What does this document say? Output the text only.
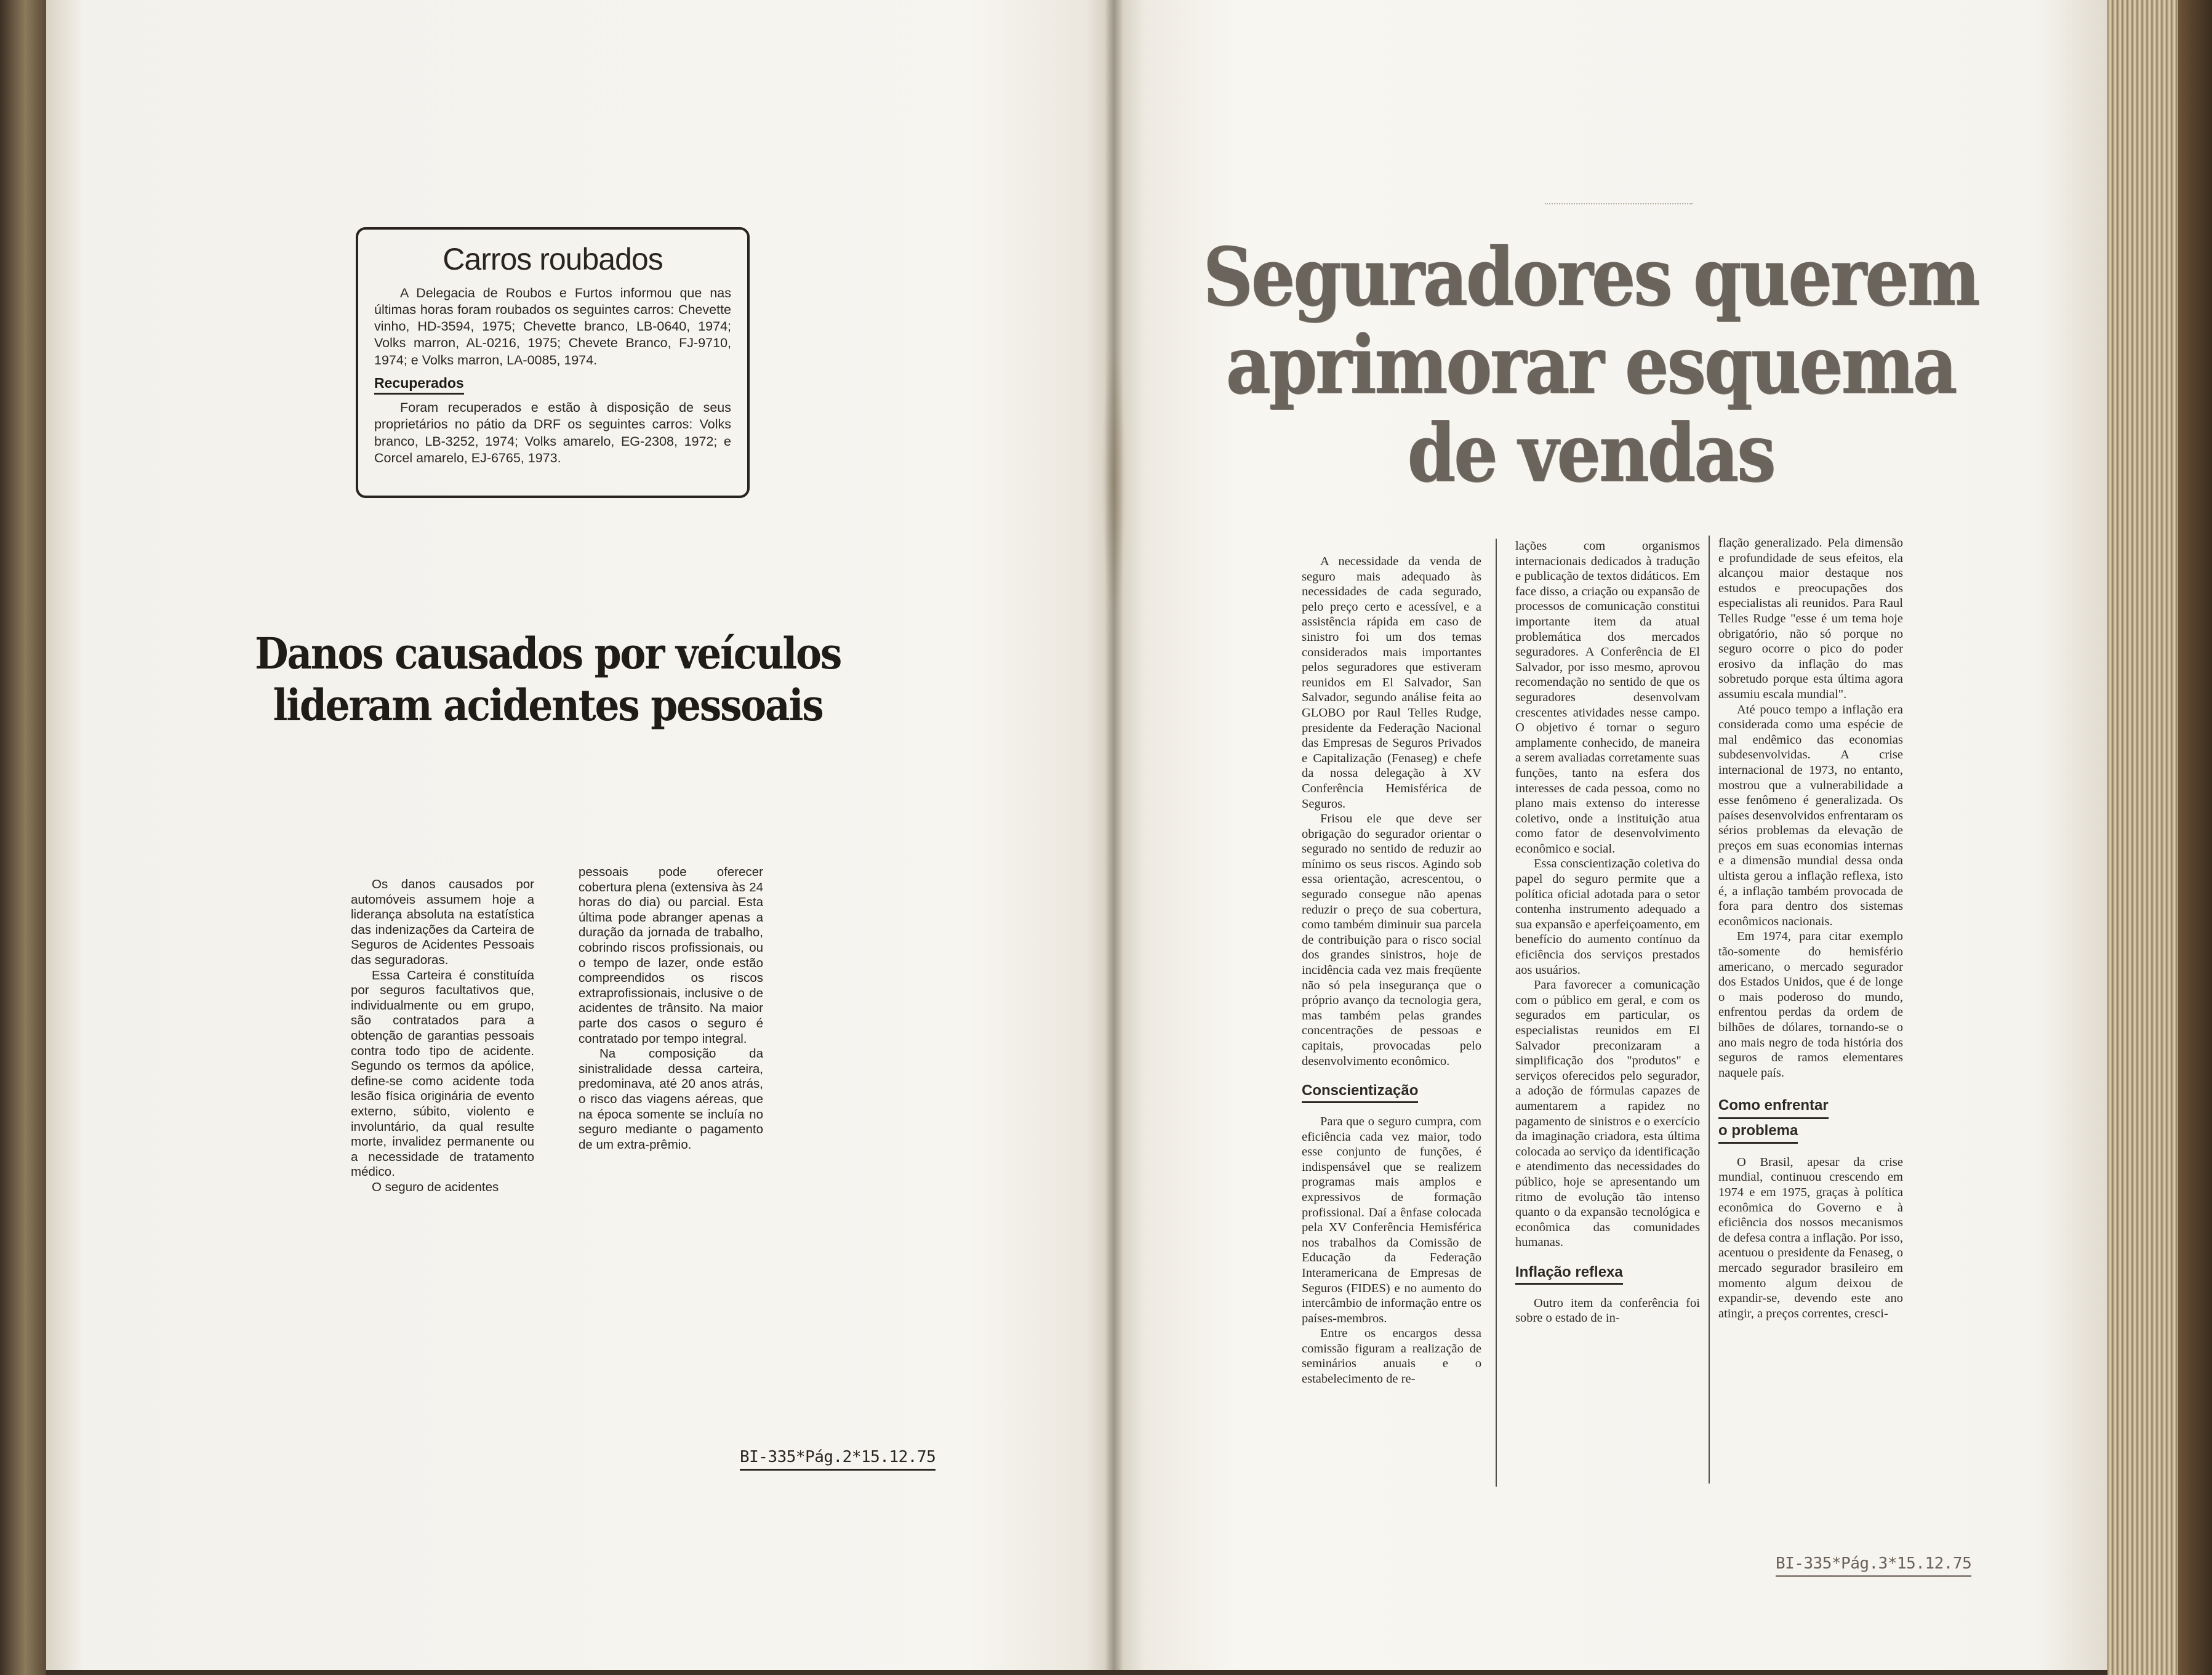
Carros roubados

A Delegacia de Roubos e Furtos informou que nas últimas horas foram roubados os seguintes carros: Chevette vinho, HD-3594, 1975; Chevette branco, LB-0640, 1974; Volks marron, AL-0216, 1975; Chevete Branco, FJ-9710, 1974; e Volks marron, LA-0085, 1974.

Recuperados

Foram recuperados e estão à disposição de seus proprietários no pátio da DRF os seguintes carros: Volks branco, LB-3252, 1974; Volks amarelo, EG-2308, 1972; e Corcel amarelo, EJ-6765, 1973.

Danos causados por veículos
lideram acidentes pessoais

Os danos causados por automóveis assumem hoje a liderança absoluta na estatística das indenizações da Carteira de Seguros de Acidentes Pessoais das seguradoras.

Essa Carteira é constituída por seguros facultativos que, individualmente ou em grupo, são contratados para a obtenção de garantias pessoais contra todo tipo de acidente. Segundo os termos da apólice, define-se como acidente toda lesão física originária de evento externo, súbito, violento e involuntário, da qual resulte morte, invalidez permanente ou a necessidade de tratamento médico.

O seguro de acidentes

pessoais pode oferecer cobertura plena (extensiva às 24 horas do dia) ou parcial. Esta última pode abranger apenas a duração da jornada de trabalho, cobrindo riscos profissionais, ou o tempo de lazer, onde estão compreendidos os riscos extraprofissionais, inclusive o de acidentes de trânsito. Na maior parte dos casos o seguro é contratado por tempo integral.

Na composição da sinistralidade dessa carteira, predominava, até 20 anos atrás, o risco das viagens aéreas, que na época somente se incluía no seguro mediante o pagamento de um extra-prêmio.

BI-335*Pág.2*15.12.75
Seguradores querem
aprimorar esquema de vendas

A necessidade da venda de seguro mais adequado às necessidades de cada segurado, pelo preço certo e acessível, e a assistência rápida em caso de sinistro foi um dos temas considerados mais importantes pelos seguradores que estiveram reunidos em El Salvador, San Salvador, segundo análise feita ao GLOBO por Raul Telles Rudge, presidente da Federação Nacional das Empresas de Seguros Privados e Capitalização (Fenaseg) e chefe da nossa delegação à XV Conferência Hemisférica de Seguros.

Frisou ele que deve ser obrigação do segurador orientar o segurado no sentido de reduzir ao mínimo os seus riscos. Agindo sob essa orientação, acrescentou, o segurado consegue não apenas reduzir o preço de sua cobertura, como também diminuir sua parcela de contribuição para o risco social dos grandes sinistros, hoje de incidência cada vez mais freqüente não só pela insegurança que o próprio avanço da tecnologia gera, mas também pelas grandes concentrações de pessoas e capitais, provocadas pelo desenvolvimento econômico.

Conscientização

Para que o seguro cumpra, com eficiência cada vez maior, todo esse conjunto de funções, é indispensável que se realizem programas mais amplos e expressivos de formação profissional. Daí a ênfase colocada pela XV Conferência Hemisférica nos trabalhos da Comissão de Educação da Federação Interamericana de Empresas de Seguros (FIDES) e no aumento do intercâmbio de informação entre os países-membros.

Entre os encargos dessa comissão figuram a realização de seminários anuais e o estabelecimento de re-

lações com organismos internacionais dedicados à tradução e publicação de textos didáticos. Em face disso, a criação ou expansão de processos de comunicação constitui importante item da atual problemática dos mercados seguradores. A Conferência de El Salvador, por isso mesmo, aprovou recomendação no sentido de que os seguradores desenvolvam crescentes atividades nesse campo. O objetivo é tornar o seguro amplamente conhecido, de maneira a serem avaliadas corretamente suas funções, tanto na esfera dos interesses de cada pessoa, como no plano mais extenso do interesse coletivo, onde a instituição atua como fator de desenvolvimento econômico e social.

Essa conscientização coletiva do papel do seguro permite que a política oficial adotada para o setor contenha instrumento adequado a sua expansão e aperfeiçoamento, em benefício do aumento contínuo da eficiência dos serviços prestados aos usuários.

Para favorecer a comunicação com o público em geral, e com os segurados em particular, os especialistas reunidos em El Salvador preconizaram a simplificação dos "produtos" e serviços oferecidos pelo segurador, a adoção de fórmulas capazes de aumentarem a rapidez no pagamento de sinistros e o exercício da imaginação criadora, esta última colocada ao serviço da identificação e atendimento das necessidades do público, hoje se apresentando um ritmo de evolução tão intenso quanto o da expansão tecnológica e econômica das comunidades humanas.

Inflação reflexa

Outro item da conferência foi sobre o estado de in-

flação generalizado. Pela dimensão e profundidade de seus efeitos, ela alcançou maior destaque nos estudos e preocupações dos especialistas ali reunidos. Para Raul Telles Rudge "esse é um tema hoje obrigatório, não só porque no seguro ocorre o pico do poder erosivo da inflação do mas sobretudo porque esta última agora assumiu escala mundial".

Até pouco tempo a inflação era considerada como uma espécie de mal endêmico das economias subdesenvolvidas. A crise internacional de 1973, no entanto, mostrou que a vulnerabilidade a esse fenômeno é generalizada. Os países desenvolvidos enfrentaram os sérios problemas da elevação de preços em suas economias internas e a dimensão mundial dessa onda ultista gerou a inflação reflexa, isto é, a inflação também provocada de fora para dentro dos sistemas econômicos nacionais.

Em 1974, para citar exemplo tão-somente do hemisfério americano, o mercado segurador dos Estados Unidos, que é de longe o mais poderoso do mundo, enfrentou perdas da ordem de bilhões de dólares, tornando-se o ano mais negro de toda história dos seguros de ramos elementares naquele país.

Como enfrentar
o problema

O Brasil, apesar da crise mundial, continuou crescendo em 1974 e em 1975, graças à política econômica do Governo e à eficiência dos nossos mecanismos de defesa contra a inflação. Por isso, acentuou o presidente da Fenaseg, o mercado segurador brasileiro em momento algum deixou de expandir-se, devendo este ano atingir, a preços correntes, cresci-

BI-335*Pág.3*15.12.75
